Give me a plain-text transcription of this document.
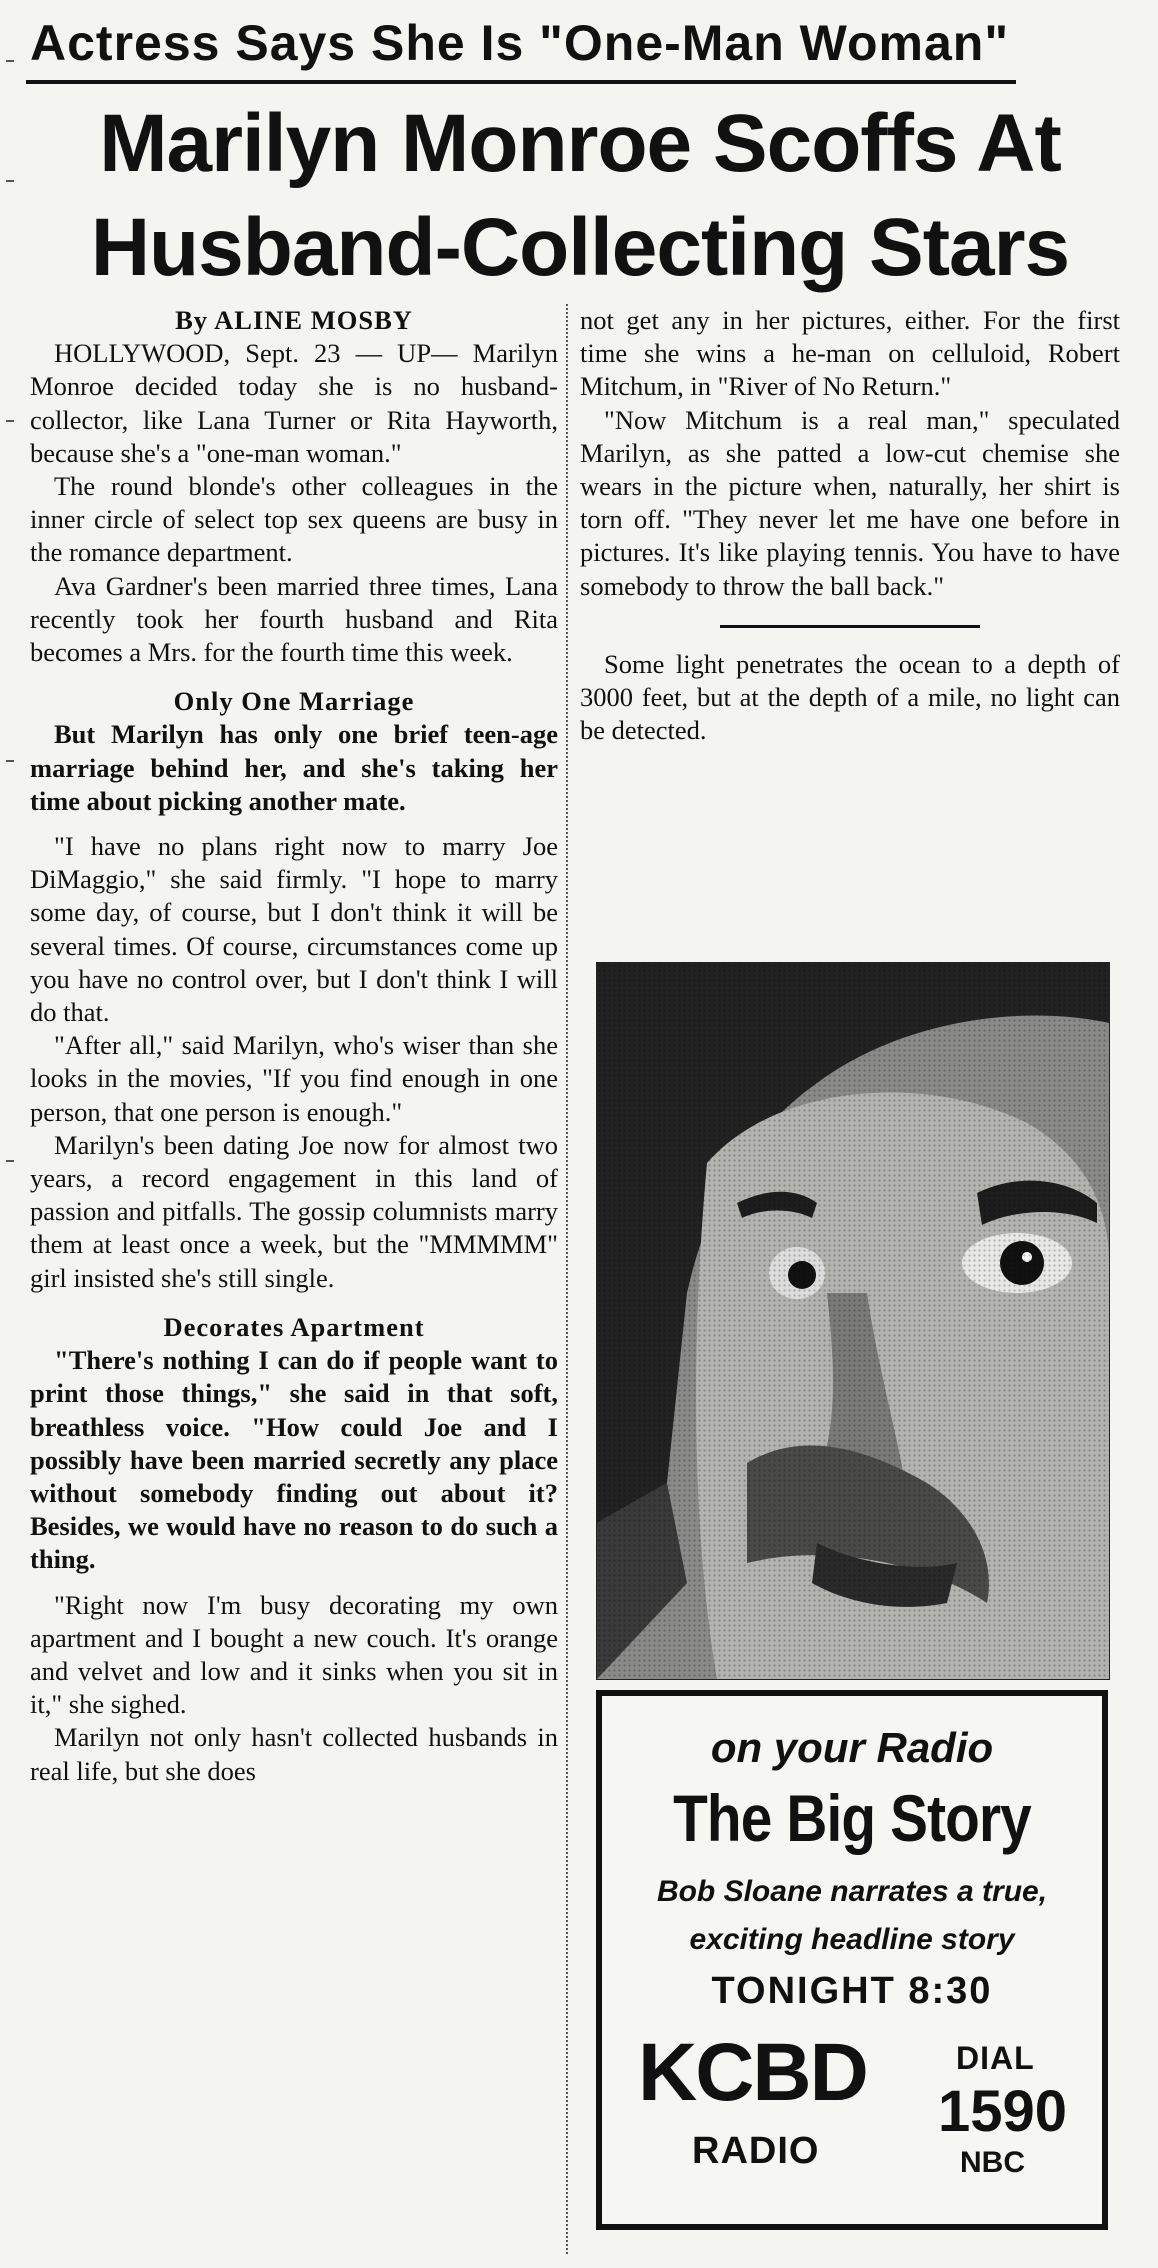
Actress Says She Is "One-Man Woman"
Marilyn Monroe Scoffs At
Husband-Collecting Stars

By ALINE MOSBY

HOLLYWOOD, Sept. 23 — UP— Marilyn Monroe decided today she is no husband-collector, like Lana Turner or Rita Hayworth, because she's a "one-man woman."

The round blonde's other colleagues in the inner circle of select top sex queens are busy in the romance department.

Ava Gardner's been married three times, Lana recently took her fourth husband and Rita becomes a Mrs. for the fourth time this week.

Only One Marriage

But Marilyn has only one brief teen-age marriage behind her, and she's taking her time about picking another mate.

"I have no plans right now to marry Joe DiMaggio," she said firmly. "I hope to marry some day, of course, but I don't think it will be several times. Of course, circumstances come up you have no control over, but I don't think I will do that.

"After all," said Marilyn, who's wiser than she looks in the movies, "If you find enough in one person, that one person is enough."

Marilyn's been dating Joe now for almost two years, a record engagement in this land of passion and pitfalls. The gossip columnists marry them at least once a week, but the "MMMMM" girl insisted she's still single.

Decorates Apartment

"There's nothing I can do if people want to print those things," she said in that soft, breathless voice. "How could Joe and I possibly have been married secretly any place without somebody finding out about it? Besides, we would have no reason to do such a thing.

"Right now I'm busy decorating my own apartment and I bought a new couch. It's orange and velvet and low and it sinks when you sit in it," she sighed.

Marilyn not only hasn't collected husbands in real life, but she does

not get any in her pictures, either. For the first time she wins a he-man on celluloid, Robert Mitchum, in "River of No Return."

"Now Mitchum is a real man," speculated Marilyn, as she patted a low-cut chemise she wears in the picture when, naturally, her shirt is torn off. "They never let me have one before in pictures. It's like playing tennis. You have to have somebody to throw the ball back."

Some light penetrates the ocean to a depth of 3000 feet, but at the depth of a mile, no light can be detected.

on your Radio
The Big Story
Bob Sloane narrates a true,
exciting headline story
TONIGHT 8:30
KCBD
RADIO
DIAL
1590
NBC
